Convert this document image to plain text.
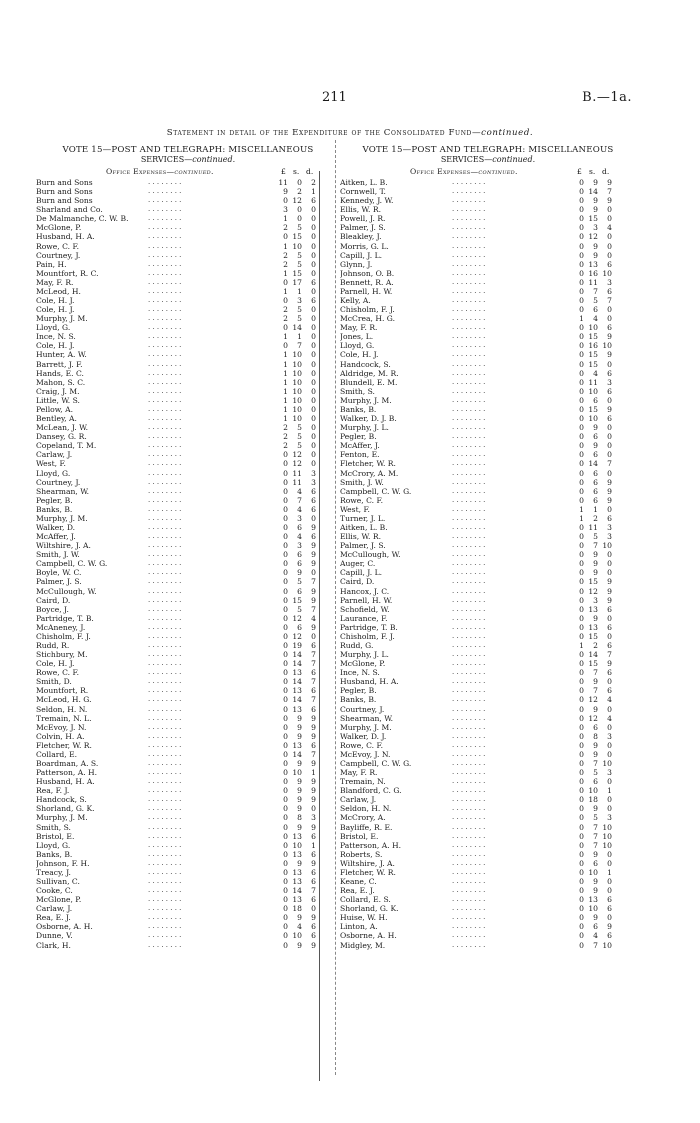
211	B.—1a.
Statement in detail of the Expenditure of the Consolidated Fund—continued.
VOTE 15—POST AND TELEGRAPH: MISCELLANEOUS
SERVICES—continued.
Office Expenses—continued.	£ s. d.
Burn and Sons	11	0	2
. . . . . . . .
Burn and Sons	9	2	1
. . . . . . . .
Burn and Sons	0 12	6
. . . . . . . .
Sharland and Co.	3	0	0
. . . . . . . .
De Malmanche, C. W. B.	1	0	0
. . . . . . . .
McGlone, P.	2	5	0
. . . . . . . .
Husband, H. A.	0 15	0
. . . . . . . .
Rowe, C. F.	1 10	0
. . . . . . . .
Courtney, J.	2	5	0
. . . . . . . .
Pain, H.	2	5	0
. . . . . . . .
Mountfort, R. C.	1 15	0
. . . . . . . .
May, F. R.	0 17	6
. . . . . . . .
McLeod, H.	1	1	0
. . . . . . . .
Cole, H. J.	0	3	6
. . . . . . . .
Cole, H. J.	2	5	0
. . . . . . . .
Murphy, J. M.	2	5	0
. . . . . . . .
Lloyd, G.	0 14	0
. . . . . . . .
Ince, N. S.	1	1	0
. . . . . . . .
Cole, H. J.	0	7	0
. . . . . . . .
Hunter, A. W.	1 10	0
. . . . . . . .
Barrett, J. F.	1 10	0
. . . . . . . .
Hands, E. C.	1 10	0
. . . . . . . .
Mahon, S. C.	1 10	0
. . . . . . . .
Craig, J. M.	1 10	0
. . . . . . . .
Little, W. S.	1 10	0
. . . . . . . .
Pellow, A.	1 10	0
. . . . . . . .
Bentley, A.	1 10	0
. . . . . . . .
McLean, J. W.	2	5	0
. . . . . . . .
Dansey, G. R.	2	5	0
. . . . . . . .
Copeland, T. M.	2	5	0
. . . . . . . .
Carlaw, J.	0 12	0
. . . . . . . .
West, F.	0 12	0
. . . . . . . .
Lloyd, G.	0 11	3
. . . . . . . .
Courtney, J.	0 11	3
. . . . . . . .
Shearman, W.	0	4	6
. . . . . . . .
Pegler, B.	0	7	6
. . . . . . . .
Banks, B.	0	4	6
. . . . . . . .
Murphy, J. M.	0	3	0
. . . . . . . .
Walker, D.	0	6	9
. . . . . . . .
McAffer, J.	0	4	6
. . . . . . . .
Wiltshire, J. A.	0	3	9
. . . . . . . .
Smith, J. W.	0	6	9
. . . . . . . .
Campbell, C. W. G.	0	6	9
. . . . . . . .
Boyle, W. C.	0	9	0
. . . . . . . .
Palmer, J. S.	0	5	7
. . . . . . . .
McCullough, W.	0	6	9
. . . . . . . .
Caird, D.	0 15	9
. . . . . . . .
Boyce, J.	0	5	7
. . . . . . . .
Partridge, T. B.	0 12	4
. . . . . . . .
McAneney, J.	0	6	9
. . . . . . . .
Chisholm, F. J.	0 12	0
. . . . . . . .
Rudd, R.	0 19	6
. . . . . . . .
Stichbury, M.	0 14	7
. . . . . . . .
Cole, H. J.	0 14	7
. . . . . . . .
Rowe, C. F.	0 13	6
. . . . . . . .
Smith, D.	0 14	7
. . . . . . . .
Mountfort, R.	0 13	6
. . . . . . . .
McLeod, H. G.	0 14	7
. . . . . . . .
Seldon, H. N.	0 13	6
. . . . . . . .
Tremain, N. L.	0	9	9
. . . . . . . .
McEvoy, J. N.	0	9	9
. . . . . . . .
Colvin, H. A.	0	9	9
. . . . . . . .
Fletcher, W. R.	0 13	6
. . . . . . . .
Collard, E.	0 14	7
. . . . . . . .
Boardman, A. S.	0	9	9
. . . . . . . .
Patterson, A. H.	0 10	1
. . . . . . . .
Husband, H. A.	0	9	9
. . . . . . . .
Rea, F. J.	0	9	9
. . . . . . . .
Handcock, S.	0	9	9
. . . . . . . .
Shorland, G. K.	0	9	0
. . . . . . . .
Murphy, J. M.	0	8	3
. . . . . . . .
Smith, S.	0	9	9
. . . . . . . .
Bristol, E.	0 13	6
. . . . . . . .
Lloyd, G.	0 10	1
. . . . . . . .
Banks, B.	0 13	6
. . . . . . . .
Johnson, F. H.	0	9	9
. . . . . . . .
Treacy, J.	0 13	6
. . . . . . . .
Sullivan, C.	0 13	6
. . . . . . . .
Cooke, C.	0 14	7
. . . . . . . .
McGlone, P.	0 13	6
. . . . . . . .
Carlaw, J.	0 18	0
. . . . . . . .
Rea, E. J.	0	9	9
. . . . . . . .
Osborne, A. H.	0	4	6
. . . . . . . .
Dunne, V.	0 10	6
. . . . . . . .
Clark, H.	0	9	9
. . . . . . . .
VOTE 15—POST AND TELEGRAPH: MISCELLANEOUS
SERVICES—continued.
Office Expenses—continued.	£ s. d.
Aitken, L. B.	0	9	9
. . . . . . . .
Cornwell, T.	0 14	7
. . . . . . . .
Kennedy, J. W.	0	9	9
. . . . . . . .
Ellis, W. R.	0	9	0
. . . . . . . .
Powell, J. R.	0 15	0
. . . . . . . .
Palmer, J. S.	0	3	4
. . . . . . . .
Bleakley, J.	0 12	0
. . . . . . . .
Morris, G. L.	0	9	0
. . . . . . . .
Capill, J. L.	0	9	0
. . . . . . . .
Glynn, J.	0 13	6
. . . . . . . .
Johnson, O. B.	0 16 10
. . . . . . . .
Bennett, R. A.	0 11	3
. . . . . . . .
Parnell, H. W.	0	7	6
. . . . . . . .
Kelly, A.	0	5	7
. . . . . . . .
Chisholm, F. J.	0	6	0
. . . . . . . .
McCrea, H. G.	1	4	0
. . . . . . . .
May, F. R.	0 10	6
. . . . . . . .
Jones, L.	0 15	9
. . . . . . . .
Lloyd, G.	0 16 10
. . . . . . . .
Cole, H. J.	0 15	9
. . . . . . . .
Handcock, S.	0 15	0
. . . . . . . .
Aldridge, M. R.	0	4	6
. . . . . . . .
Blundell, E. M.	0 11	3
. . . . . . . .
Smith, S.	0 10	6
. . . . . . . .
Murphy, J. M.	0	6	0
. . . . . . . .
Banks, B.	0 15	9
. . . . . . . .
Walker, D. J. B.	0 10	6
. . . . . . . .
Murphy, J. L.	0	9	0
. . . . . . . .
Pegler, B.	0	6	0
. . . . . . . .
McAffer, J.	0	9	0
. . . . . . . .
Fenton, E.	0	6	0
. . . . . . . .
Fletcher, W. R.	0 14	7
. . . . . . . .
McCrory, A. M.	0	6	0
. . . . . . . .
Smith, J. W.	0	6	9
. . . . . . . .
Campbell, C. W. G.	0	6	9
. . . . . . . .
Rowe, C. F.	0	6	9
. . . . . . . .
West, F.	1	1	0
. . . . . . . .
Turner, J. L.	1	2	6
. . . . . . . .
Aitken, L. B.	0 11	3
. . . . . . . .
Ellis, W. R.	0	5	3
. . . . . . . .
Palmer, J. S.	0	7 10
. . . . . . . .
McCullough, W.	0	9	0
. . . . . . . .
Auger, C.	0	9	0
. . . . . . . .
Capill, J. L.	0	9	0
. . . . . . . .
Caird, D.	0 15	9
. . . . . . . .
Hancox, J. C.	0 12	9
. . . . . . . .
Parnell, H. W.	0	3	9
. . . . . . . .
Schofield, W.	0 13	6
. . . . . . . .
Laurance, F.	0	9	0
. . . . . . . .
Partridge, T. B.	0 13	6
. . . . . . . .
Chisholm, F. J.	0 15	0
. . . . . . . .
Rudd, G.	1	2	6
. . . . . . . .
Murphy, J. L.	0 14	7
. . . . . . . .
McGlone, P.	0 15	9
. . . . . . . .
Ince, N. S.	0	7	6
. . . . . . . .
Husband, H. A.	0	9	0
. . . . . . . .
Pegler, B.	0	7	6
. . . . . . . .
Banks, B.	0 12	4
. . . . . . . .
Courtney, J.	0	9	0
. . . . . . . .
Shearman, W.	0 12	4
. . . . . . . .
Murphy, J. M.	0	6	0
. . . . . . . .
Walker, D. J.	0	8	3
. . . . . . . .
Rowe, C. F.	0	9	0
. . . . . . . .
McEvoy, J. N.	0	9	0
. . . . . . . .
Campbell, C. W. G.	0	7 10
. . . . . . . .
May, F. R.	0	5	3
. . . . . . . .
Tremain, N.	0	6	0
. . . . . . . .
Blandford, C. G.	0 10	1
. . . . . . . .
Carlaw, J.	0 18	0
. . . . . . . .
Seldon, H. N.	0	9	0
. . . . . . . .
McCrory, A.	0	5	3
. . . . . . . .
Bayliffe, R. E.	0	7 10
. . . . . . . .
Bristol, E.	0	7 10
. . . . . . . .
Patterson, A. H.	0	7 10
. . . . . . . .
Roberts, S.	0	9	0
. . . . . . . .
Wiltshire, J. A.	0	6	0
. . . . . . . .
Fletcher, W. R.	0 10	1
. . . . . . . .
Keane, C.	0	9	0
. . . . . . . .
Rea, E. J.	0	9	0
. . . . . . . .
Collard, E. S.	0 13	6
. . . . . . . .
Shorland, G. K.	0 10	6
. . . . . . . .
Huise, W. H.	0	9	0
. . . . . . . .
Linton, A.	0	6	9
. . . . . . . .
Osborne, A. H.	0	4	6
. . . . . . . .
Midgley, M.	0	7 10
. . . . . . . .
